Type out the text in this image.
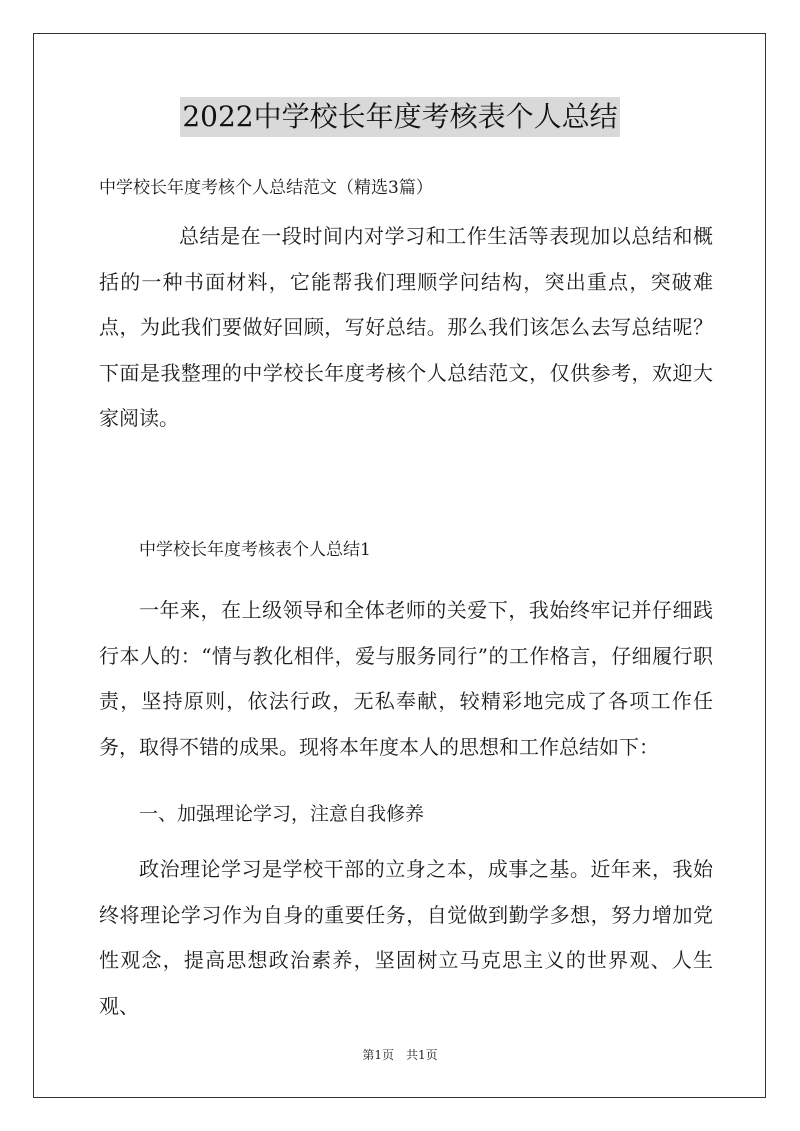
2022中学校长年度考核表个人总结
中学校长年度考核个人总结范文（精选3篇）

总结是在一段时间内对学习和工作生活等表现加以总结和概括的一种书面材料，它能帮我们理顺学问结构，突出重点，突破难点，为此我们要做好回顾，写好总结。那么我们该怎么去写总结呢？下面是我整理的中学校长年度考核个人总结范文，仅供参考，欢迎大家阅读。

中学校长年度考核表个人总结1

一年来，在上级领导和全体老师的关爱下，我始终牢记并仔细践行本人的：“情与教化相伴，爱与服务同行”的工作格言，仔细履行职责，坚持原则，依法行政，无私奉献，较精彩地完成了各项工作任务，取得不错的成果。现将本年度本人的思想和工作总结如下：

一、加强理论学习，注意自我修养

政治理论学习是学校干部的立身之本，成事之基。近年来，我始终将理论学习作为自身的重要任务，自觉做到勤学多想，努力增加党性观念，提高思想政治素养，坚固树立马克思主义的世界观、人生观、

第1页　共1页
